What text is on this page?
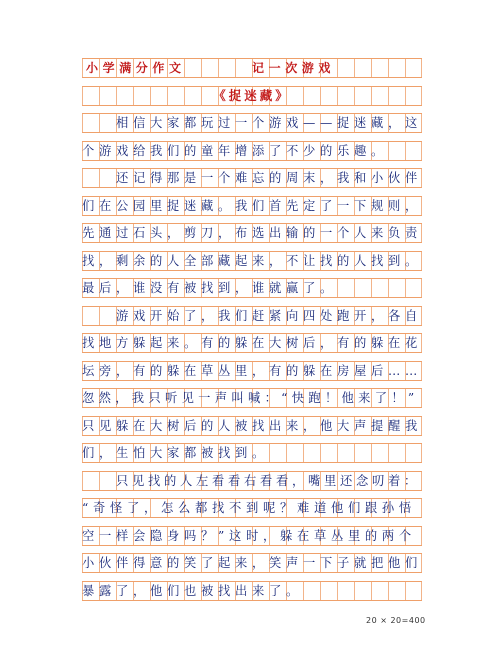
小学满分作文	记一次游戏
《捉迷藏》
相信大家都玩过一个游戏——捉迷藏，这
个游戏给我们的童年增添了不少的乐趣。
还记得那是一个难忘的周末，我和小伙伴
们在公园里捉迷藏。我们首先定了一下规则，
先通过石头，剪刀，布选出输的一个人来负责
找，剩余的人全部藏起来，不让找的人找到。
最后，谁没有被找到，谁就赢了。
游戏开始了，我们赶紧向四处跑开，各自
找地方躲起来。有的躲在大树后，有的躲在花
坛旁，有的躲在草丛里，有的躲在房屋后……
忽然，我只听见一声叫喊：“快跑！他来了！”
只见躲在大树后的人被找出来，他大声提醒我
们，生怕大家都被找到。
只见找的人左看看右看看，嘴里还念叨着：
“奇怪了，怎么都找不到呢？难道他们跟孙悟
空一样会隐身吗？”这时，躲在草丛里的两个
小伙伴得意的笑了起来，笑声一下子就把他们
暴露了，他们也被找出来了。
20 × 20=400
